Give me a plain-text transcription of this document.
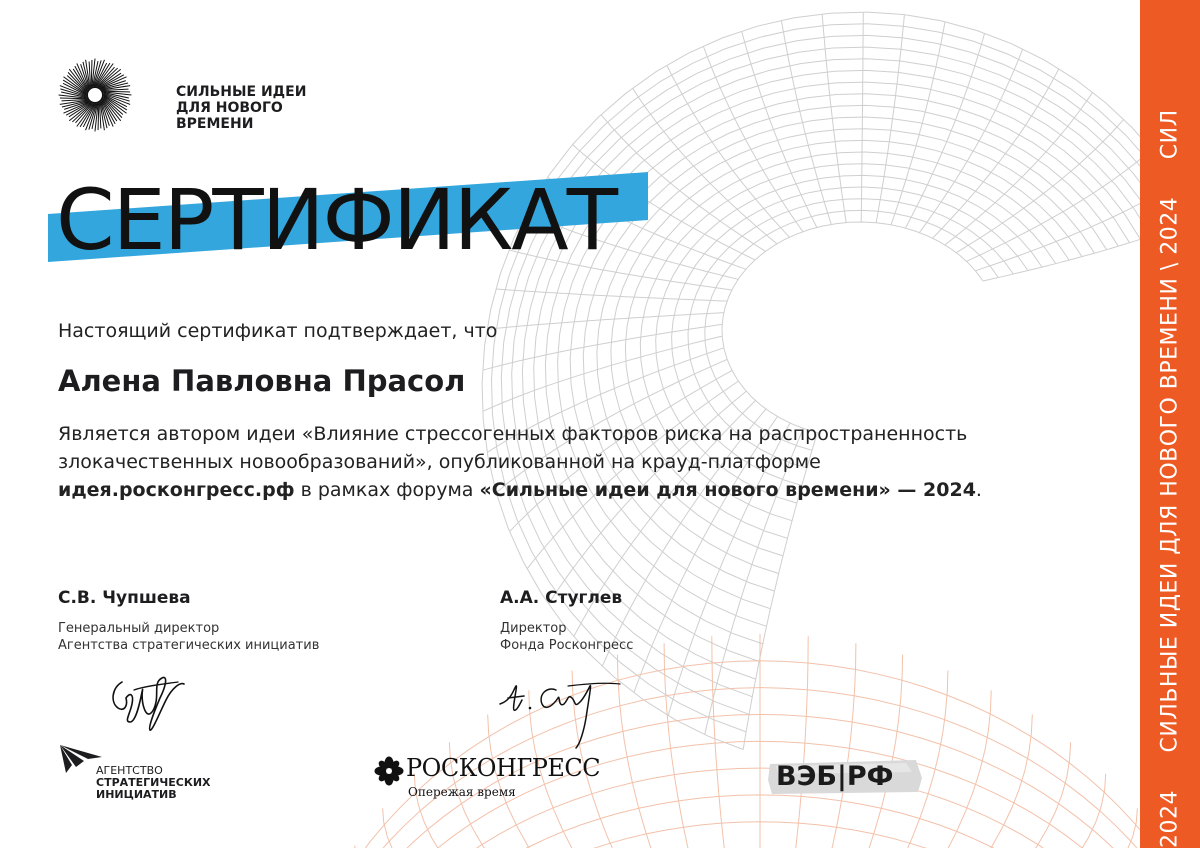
2024     СИЛЬНЫЕ ИДЕИ ДЛЯ НОВОГО ВРЕМЕНИ \ 2024     СИЛ
СИЛЬНЫЕ ИДЕИ
ДЛЯ НОВОГО
ВРЕМЕНИ
СЕРТИФИКАТ
Настоящий сертификат подтверждает, что
Алена Павловна Прасол
Является автором идеи «Влияние стрессогенных факторов риска на распространенность злокачественных новообразований», опубликованной на крауд-платформе идея.росконгресс.рф в рамках форума «Сильные идеи для нового времени» — 2024.
С.В. Чупшева
Генеральный директор
Агентства стратегических инициатив
А.А. Стуглев
Директор
Фонда Росконгресс
АГЕНТСТВО
СТРАТЕГИЧЕСКИХ
ИНИЦИАТИВ
РОСКОНГРЕСС
Опережая время	ВЭБ|РФ
